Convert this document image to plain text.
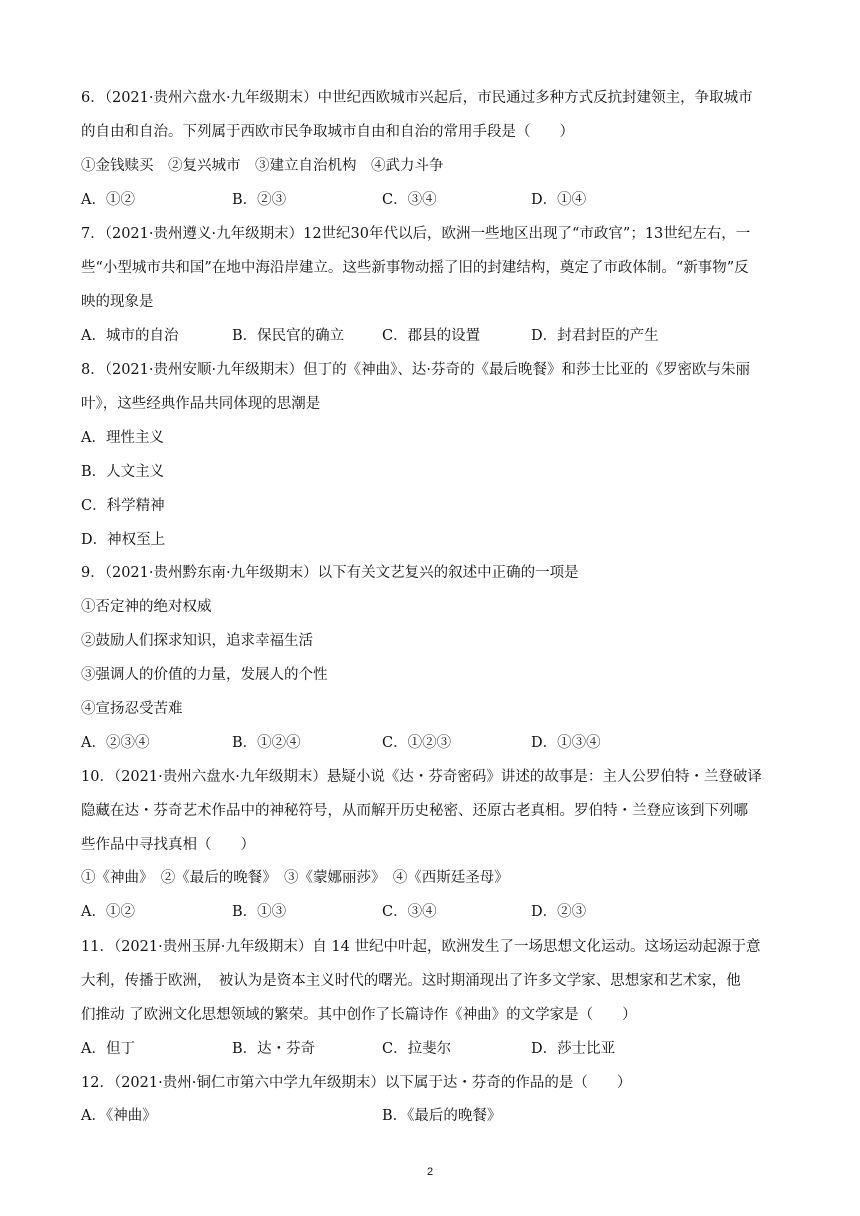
6．（2021·贵州六盘水·九年级期末）中世纪西欧城市兴起后，市民通过多种方式反抗封建领主，争取城市
的自由和自治。下列属于西欧市民争取城市自由和自治的常用手段是（　　）
①金钱赎买　②复兴城市　③建立自治机构　④武力斗争
A．①②	B．②③	C．③④	D．①④
7．（2021·贵州遵义·九年级期末）12世纪30年代以后，欧洲一些地区出现了“市政官”；13世纪左右，一
些“小型城市共和国”在地中海沿岸建立。这些新事物动摇了旧的封建结构，奠定了市政体制。“新事物”反
映的现象是
A．城市的自治	B．保民官的确立	C．郡县的设置	D．封君封臣的产生
8．（2021·贵州安顺·九年级期末）但丁的《神曲》、达·芬奇的《最后晚餐》和莎士比亚的《罗密欧与朱丽
叶》，这些经典作品共同体现的思潮是
A．理性主义
B．人文主义
C．科学精神
D．神权至上
9．（2021·贵州黔东南·九年级期末）以下有关文艺复兴的叙述中正确的一项是
①否定神的绝对权威
②鼓励人们探求知识，追求幸福生活
③强调人的价值的力量，发展人的个性
④宣扬忍受苦难
A．②③④	B．①②④	C．①②③	D．①③④
10．（2021·贵州六盘水·九年级期末）悬疑小说《达・芬奇密码》讲述的故事是：主人公罗伯特・兰登破译
隐藏在达・芬奇艺术作品中的神秘符号，从而解开历史秘密、还原古老真相。罗伯特・兰登应该到下列哪
些作品中寻找真相（　　）
①《神曲》　②《最后的晚餐》　③《蒙娜丽莎》　④《西斯廷圣母》
A．①②	B．①③	C．③④	D．②③
11．（2021·贵州玉屏·九年级期末）自 14 世纪中叶起，欧洲发生了一场思想文化运动。这场运动起源于意
大利，传播于欧洲，　被认为是资本主义时代的曙光。这时期涌现出了许多文学家、思想家和艺术家，他
们推动 了欧洲文化思想领域的繁荣。其中创作了长篇诗作《神曲》的文学家是（　　）
A．但丁	B．达・芬奇	C．拉斐尔	D．莎士比亚
12．（2021·贵州·铜仁市第六中学九年级期末）以下属于达・芬奇的作品的是（　　）
A．《神曲》	B．《最后的晚餐》
2
